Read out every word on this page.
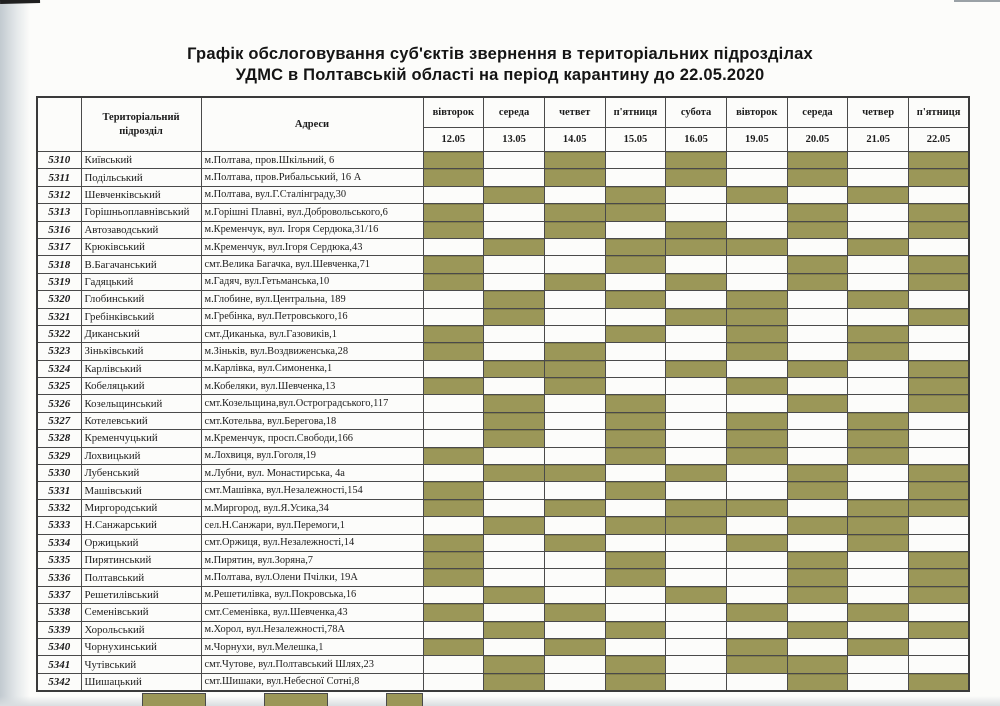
Графік обслоговування суб'єктів звернення в територіальних підрозділах
УДМС в Полтавській області на період карантину до 22.05.2020
	Територіальний підрозділ	Адреси	вівторок	середа	четвет	п'ятниця	субота	вівторок	середа	четвер	п'ятниця
			12.05	13.05	14.05	15.05	16.05	19.05	20.05	21.05	22.05
5310	Київський	м.Полтава, пров.Шкільний, 6									
5311	Подільський	м.Полтава, пров.Рибальський, 16 А									
5312	Шевченківський	м.Полтава, вул.Г.Сталінграду,30									
5313	Горішньоплавнівський	м.Горішні Плавні, вул.Добровольського,6									
5316	Автозаводський	м.Кременчук, вул. Ігоря Сердюка,31/16									
5317	Крюківський	м.Кременчук, вул.Ігоря Сердюка,43									
5318	В.Багачанський	смт.Велика Багачка, вул.Шевченка,71									
5319	Гадяцький	м.Гадяч, вул.Гетьманська,10									
5320	Глобинський	м.Глобине, вул.Центральна, 189									
5321	Гребінківський	м.Гребінка, вул.Петровського,16									
5322	Диканський	смт.Диканька, вул.Газовиків,1									
5323	Зіньківський	м.Зіньків, вул.Воздвиженська,28									
5324	Карлівський	м.Карлівка, вул.Симоненка,1									
5325	Кобеляцький	м.Кобеляки, вул.Шевченка,13									
5326	Козельщинський	смт.Козельщина,вул.Остроградського,117									
5327	Котелевський	смт.Котельва, вул.Берегова,18									
5328	Кременчуцький	м.Кременчук, просп.Свободи,166									
5329	Лохвицький	м.Лохвиця, вул.Гоголя,19									
5330	Лубенський	м.Лубни, вул. Монастирська, 4а									
5331	Машівський	смт.Машівка, вул.Незалежності,154									
5332	Миргородський	м.Миргород, вул.Я.Усика,34									
5333	Н.Санжарський	сел.Н.Санжари, вул.Перемоги,1									
5334	Оржицький	смт.Оржиця, вул.Незалежності,14									
5335	Пирятинський	м.Пирятин, вул.Зоряна,7									
5336	Полтавський	м.Полтава, вул.Олени Пчілки, 19А									
5337	Решетилівський	м.Решетилівка, вул.Покровська,16									
5338	Семенівський	смт.Семенівка, вул.Шевченка,43									
5339	Хорольський	м.Хорол, вул.Незалежності,78А									
5340	Чорнухинський	м.Чорнухи, вул.Мелешка,1									
5341	Чутівський	смт.Чутове, вул.Полтавський Шлях,23									
5342	Шишацький	смт.Шишаки, вул.Небесної Сотні,8									
